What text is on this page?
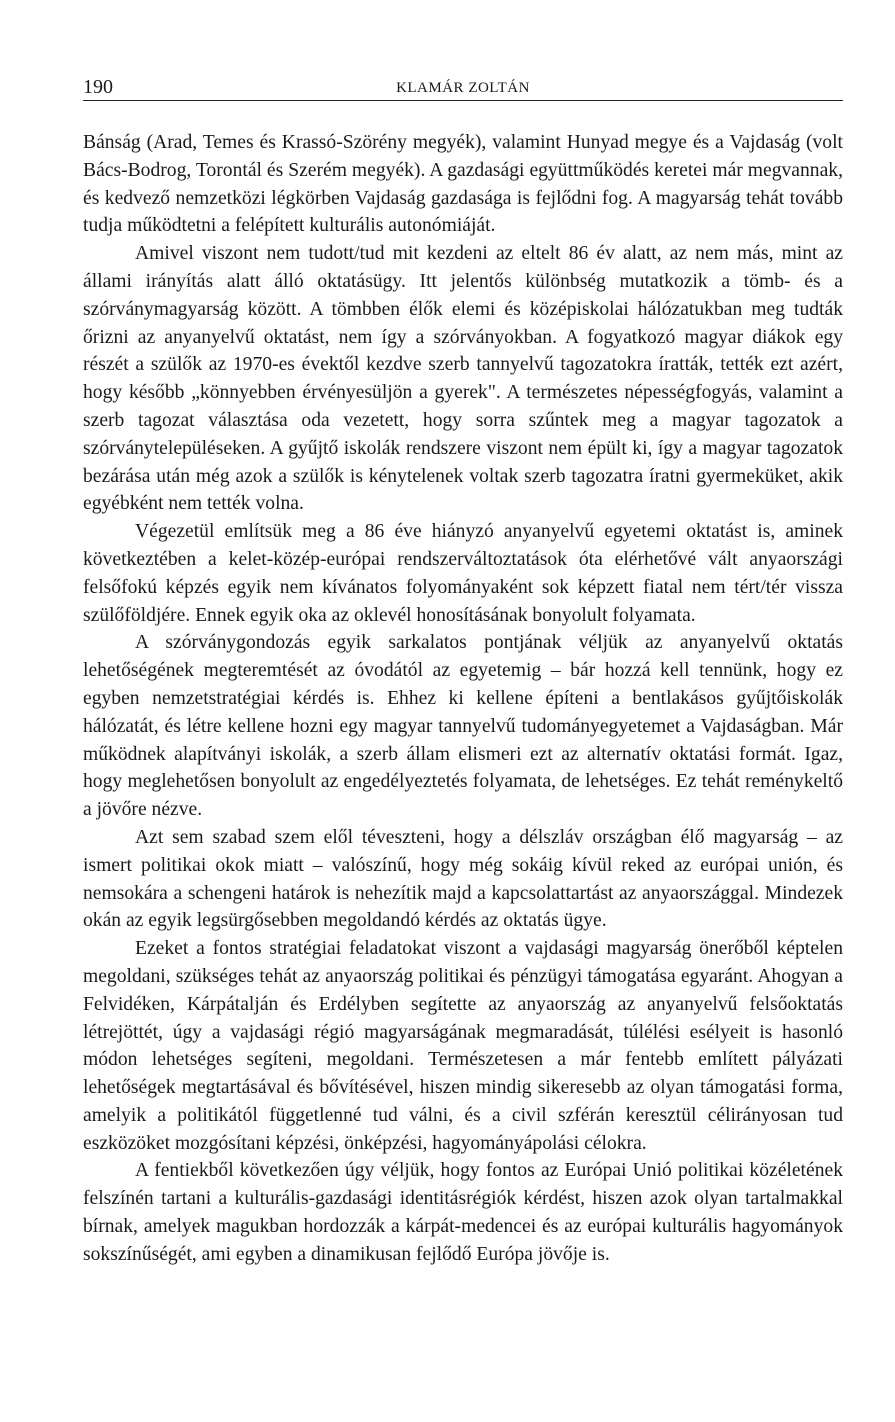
190	KLAMÁR ZOLTÁN

Bánság (Arad, Temes és Krassó-Szörény megyék), valamint Hunyad megye és a Vajdaság (volt Bács-Bodrog, Torontál és Szerém megyék). A gazdasági együttműködés keretei már megvannak, és kedvező nemzetközi légkörben Vajdaság gazdasága is fejlődni fog. A magyarság tehát tovább tudja működtetni a felépített kulturális autonómiáját.

Amivel viszont nem tudott/tud mit kezdeni az eltelt 86 év alatt, az nem más, mint az állami irányítás alatt álló oktatásügy. Itt jelentős különbség mutatkozik a tömb- és a szórványmagyarság között. A tömbben élők elemi és középiskolai hálózatukban meg tudták őrizni az anyanyelvű oktatást, nem így a szórványokban. A fogyatkozó magyar diákok egy részét a szülők az 1970-es évektől kezdve szerb tannyelvű tagozatokra íratták, tették ezt azért, hogy később „könnyebben érvényesüljön a gyerek". A természetes népességfogyás, valamint a szerb tagozat választása oda vezetett, hogy sorra szűntek meg a magyar tagozatok a szórványtelepüléseken. A gyűjtő iskolák rendszere viszont nem épült ki, így a magyar tagozatok bezárása után még azok a szülők is kénytelenek voltak szerb tagozatra íratni gyermeküket, akik egyébként nem tették volna.

Végezetül említsük meg a 86 éve hiányzó anyanyelvű egyetemi oktatást is, aminek következtében a kelet-közép-európai rendszerváltoztatások óta elérhetővé vált anyaországi felsőfokú képzés egyik nem kívánatos folyományaként sok képzett fiatal nem tért/tér vissza szülőföldjére. Ennek egyik oka az oklevél honosításának bonyolult folyamata.

A szórványgondozás egyik sarkalatos pontjának véljük az anyanyelvű oktatás lehetőségének megteremtését az óvodától az egyetemig – bár hozzá kell tennünk, hogy ez egyben nemzetstratégiai kérdés is. Ehhez ki kellene építeni a bentlakásos gyűjtőiskolák hálózatát, és létre kellene hozni egy magyar tannyelvű tudományegyetemet a Vajdaságban. Már működnek alapítványi iskolák, a szerb állam elismeri ezt az alternatív oktatási formát. Igaz, hogy meglehetősen bonyolult az engedélyeztetés folyamata, de lehetséges. Ez tehát reménykeltő a jövőre nézve.

Azt sem szabad szem elől téveszteni, hogy a délszláv országban élő magyarság – az ismert politikai okok miatt – valószínű, hogy még sokáig kívül reked az európai unión, és nemsokára a schengeni határok is nehezítik majd a kapcsolattartást az anyaországgal. Mindezek okán az egyik legsürgősebben megoldandó kérdés az oktatás ügye.

Ezeket a fontos stratégiai feladatokat viszont a vajdasági magyarság önerőből képtelen megoldani, szükséges tehát az anyaország politikai és pénzügyi támogatása egyaránt. Ahogyan a Felvidéken, Kárpátalján és Erdélyben segítette az anyaország az anyanyelvű felsőoktatás létrejöttét, úgy a vajdasági régió magyarságának megmaradását, túlélési esélyeit is hasonló módon lehetséges segíteni, megoldani. Természetesen a már fentebb említett pályázati lehetőségek megtartásával és bővítésével, hiszen mindig sikeresebb az olyan támogatási forma, amelyik a politikától függetlenné tud válni, és a civil szférán keresztül célirányosan tud eszközöket mozgósítani képzési, önképzési, hagyományápolási célokra.

A fentiekből következően úgy véljük, hogy fontos az Európai Unió politikai közéletének felszínén tartani a kulturális-gazdasági identitásrégiók kérdést, hiszen azok olyan tartalmakkal bírnak, amelyek magukban hordozzák a kárpát-medencei és az európai kulturális hagyományok sokszínűségét, ami egyben a dinamikusan fejlődő Európa jövője is.
